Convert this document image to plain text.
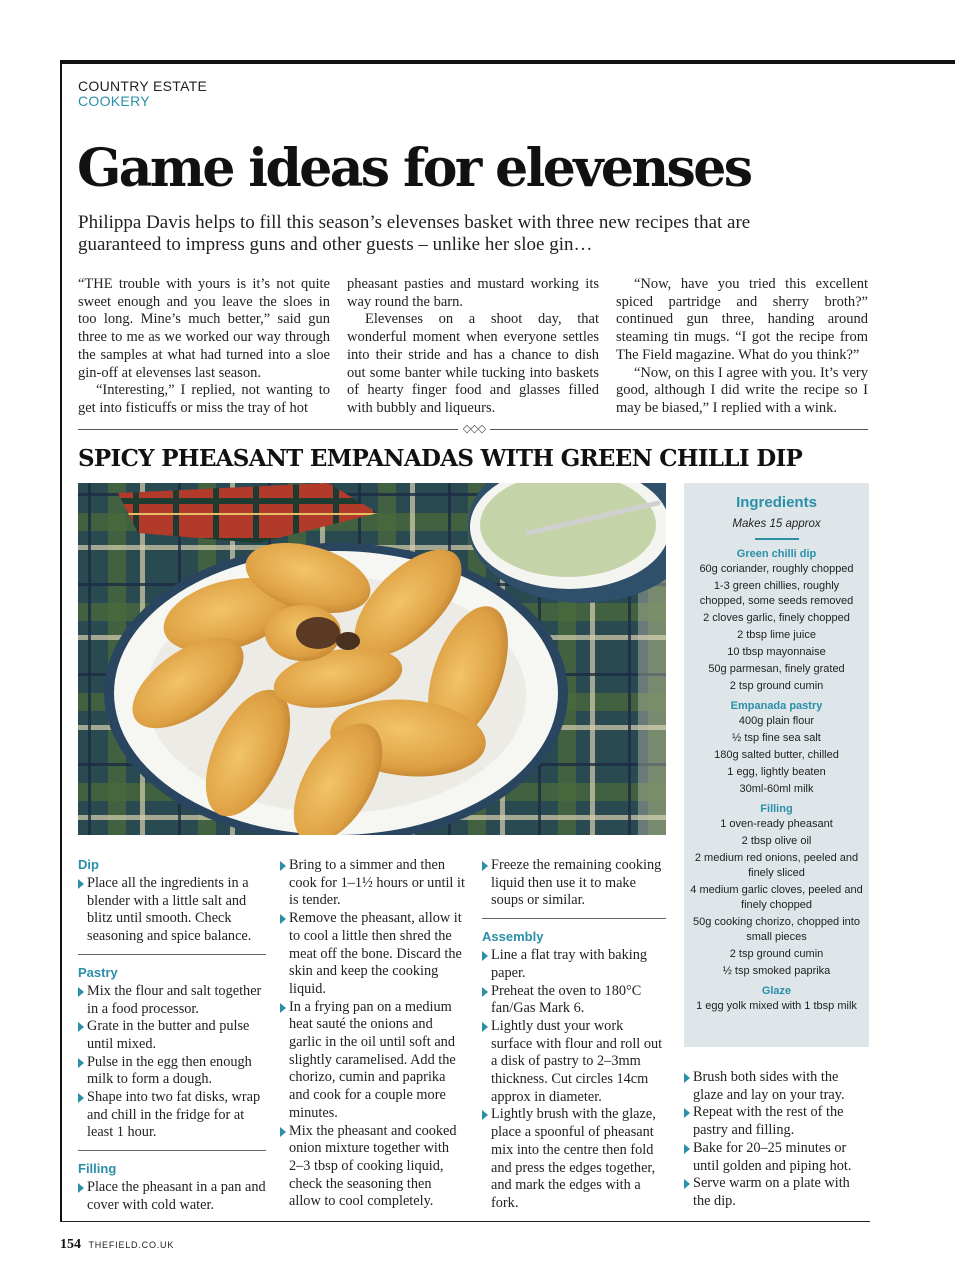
COUNTRY ESTATE
COOKERY
Game ideas for elevenses

Philippa Davis helps to fill this season’s elevenses basket with three new recipes that are guaranteed to impress guns and other guests – unlike her sloe gin…

“THE trouble with yours is it’s not quite sweet enough and you leave the sloes in too long. Mine’s much better,” said gun three to me as we worked our way through the samples at what had turned into a sloe gin-off at elevenses last season.

“Interesting,” I replied, not wanting to get into fisticuffs or miss the tray of hot

pheasant pasties and mustard working its way round the barn.

Elevenses on a shoot day, that wonderful moment when everyone settles into their stride and has a chance to dish out some banter while tucking into baskets of hearty finger food and glasses filled with bubbly and liqueurs.

“Now, have you tried this excellent spiced partridge and sherry broth?” continued gun three, handing around steaming tin mugs. “I got the recipe from The Field magazine. What do you think?”

“Now, on this I agree with you. It’s very good, although I did write the recipe so I may be biased,” I replied with a wink.

◇◇◇
SPICY PHEASANT EMPANADAS WITH GREEN CHILLI DIP
Ingredients
Makes 15 approx
Green chilli dip
60g coriander, roughly chopped
1-3 green chillies, roughly chopped, some seeds removed
2 cloves garlic, finely chopped
2 tbsp lime juice
10 tbsp mayonnaise
50g parmesan, finely grated
2 tsp ground cumin
Empanada pastry
400g plain flour
½ tsp fine sea salt
180g salted butter, chilled
1 egg, lightly beaten
30ml-60ml milk
Filling
1 oven-ready pheasant
2 tbsp olive oil
2 medium red onions, peeled and finely sliced
4 medium garlic cloves, peeled and finely chopped
50g cooking chorizo, chopped into small pieces
2 tsp ground cumin
½ tsp smoked paprika
Glaze
1 egg yolk mixed with 1 tbsp milk
Dip

Place all the ingredients in a blender with a little salt and blitz until smooth. Check seasoning and spice balance.

Pastry

Mix the flour and salt together in a food processor.

Grate in the butter and pulse until mixed.

Pulse in the egg then enough milk to form a dough.

Shape into two fat disks, wrap and chill in the fridge for at least 1 hour.

Filling

Place the pheasant in a pan and cover with cold water.

Bring to a simmer and then cook for 1–1½ hours or until it is tender.

Remove the pheasant, allow it to cool a little then shred the meat off the bone. Discard the skin and keep the cooking liquid.

In a frying pan on a medium heat sauté the onions and garlic in the oil until soft and slightly caramelised. Add the chorizo, cumin and paprika and cook for a couple more minutes.

Mix the pheasant and cooked onion mixture together with 2–3 tbsp of cooking liquid, check the seasoning then allow to cool completely.

Freeze the remaining cooking liquid then use it to make soups or similar.

Assembly

Line a flat tray with baking paper.

Preheat the oven to 180°C fan/Gas Mark 6.

Lightly dust your work surface with flour and roll out a disk of pastry to 2–3mm thickness. Cut circles 14cm approx in diameter.

Lightly brush with the glaze, place a spoonful of pheasant mix into the centre then fold and press the edges together, and mark the edges with a fork.

Brush both sides with the glaze and lay on your tray.

Repeat with the rest of the pastry and filling.

Bake for 20–25 minutes or until golden and piping hot.

Serve warm on a plate with the dip.

154 THEFIELD.CO.UK
